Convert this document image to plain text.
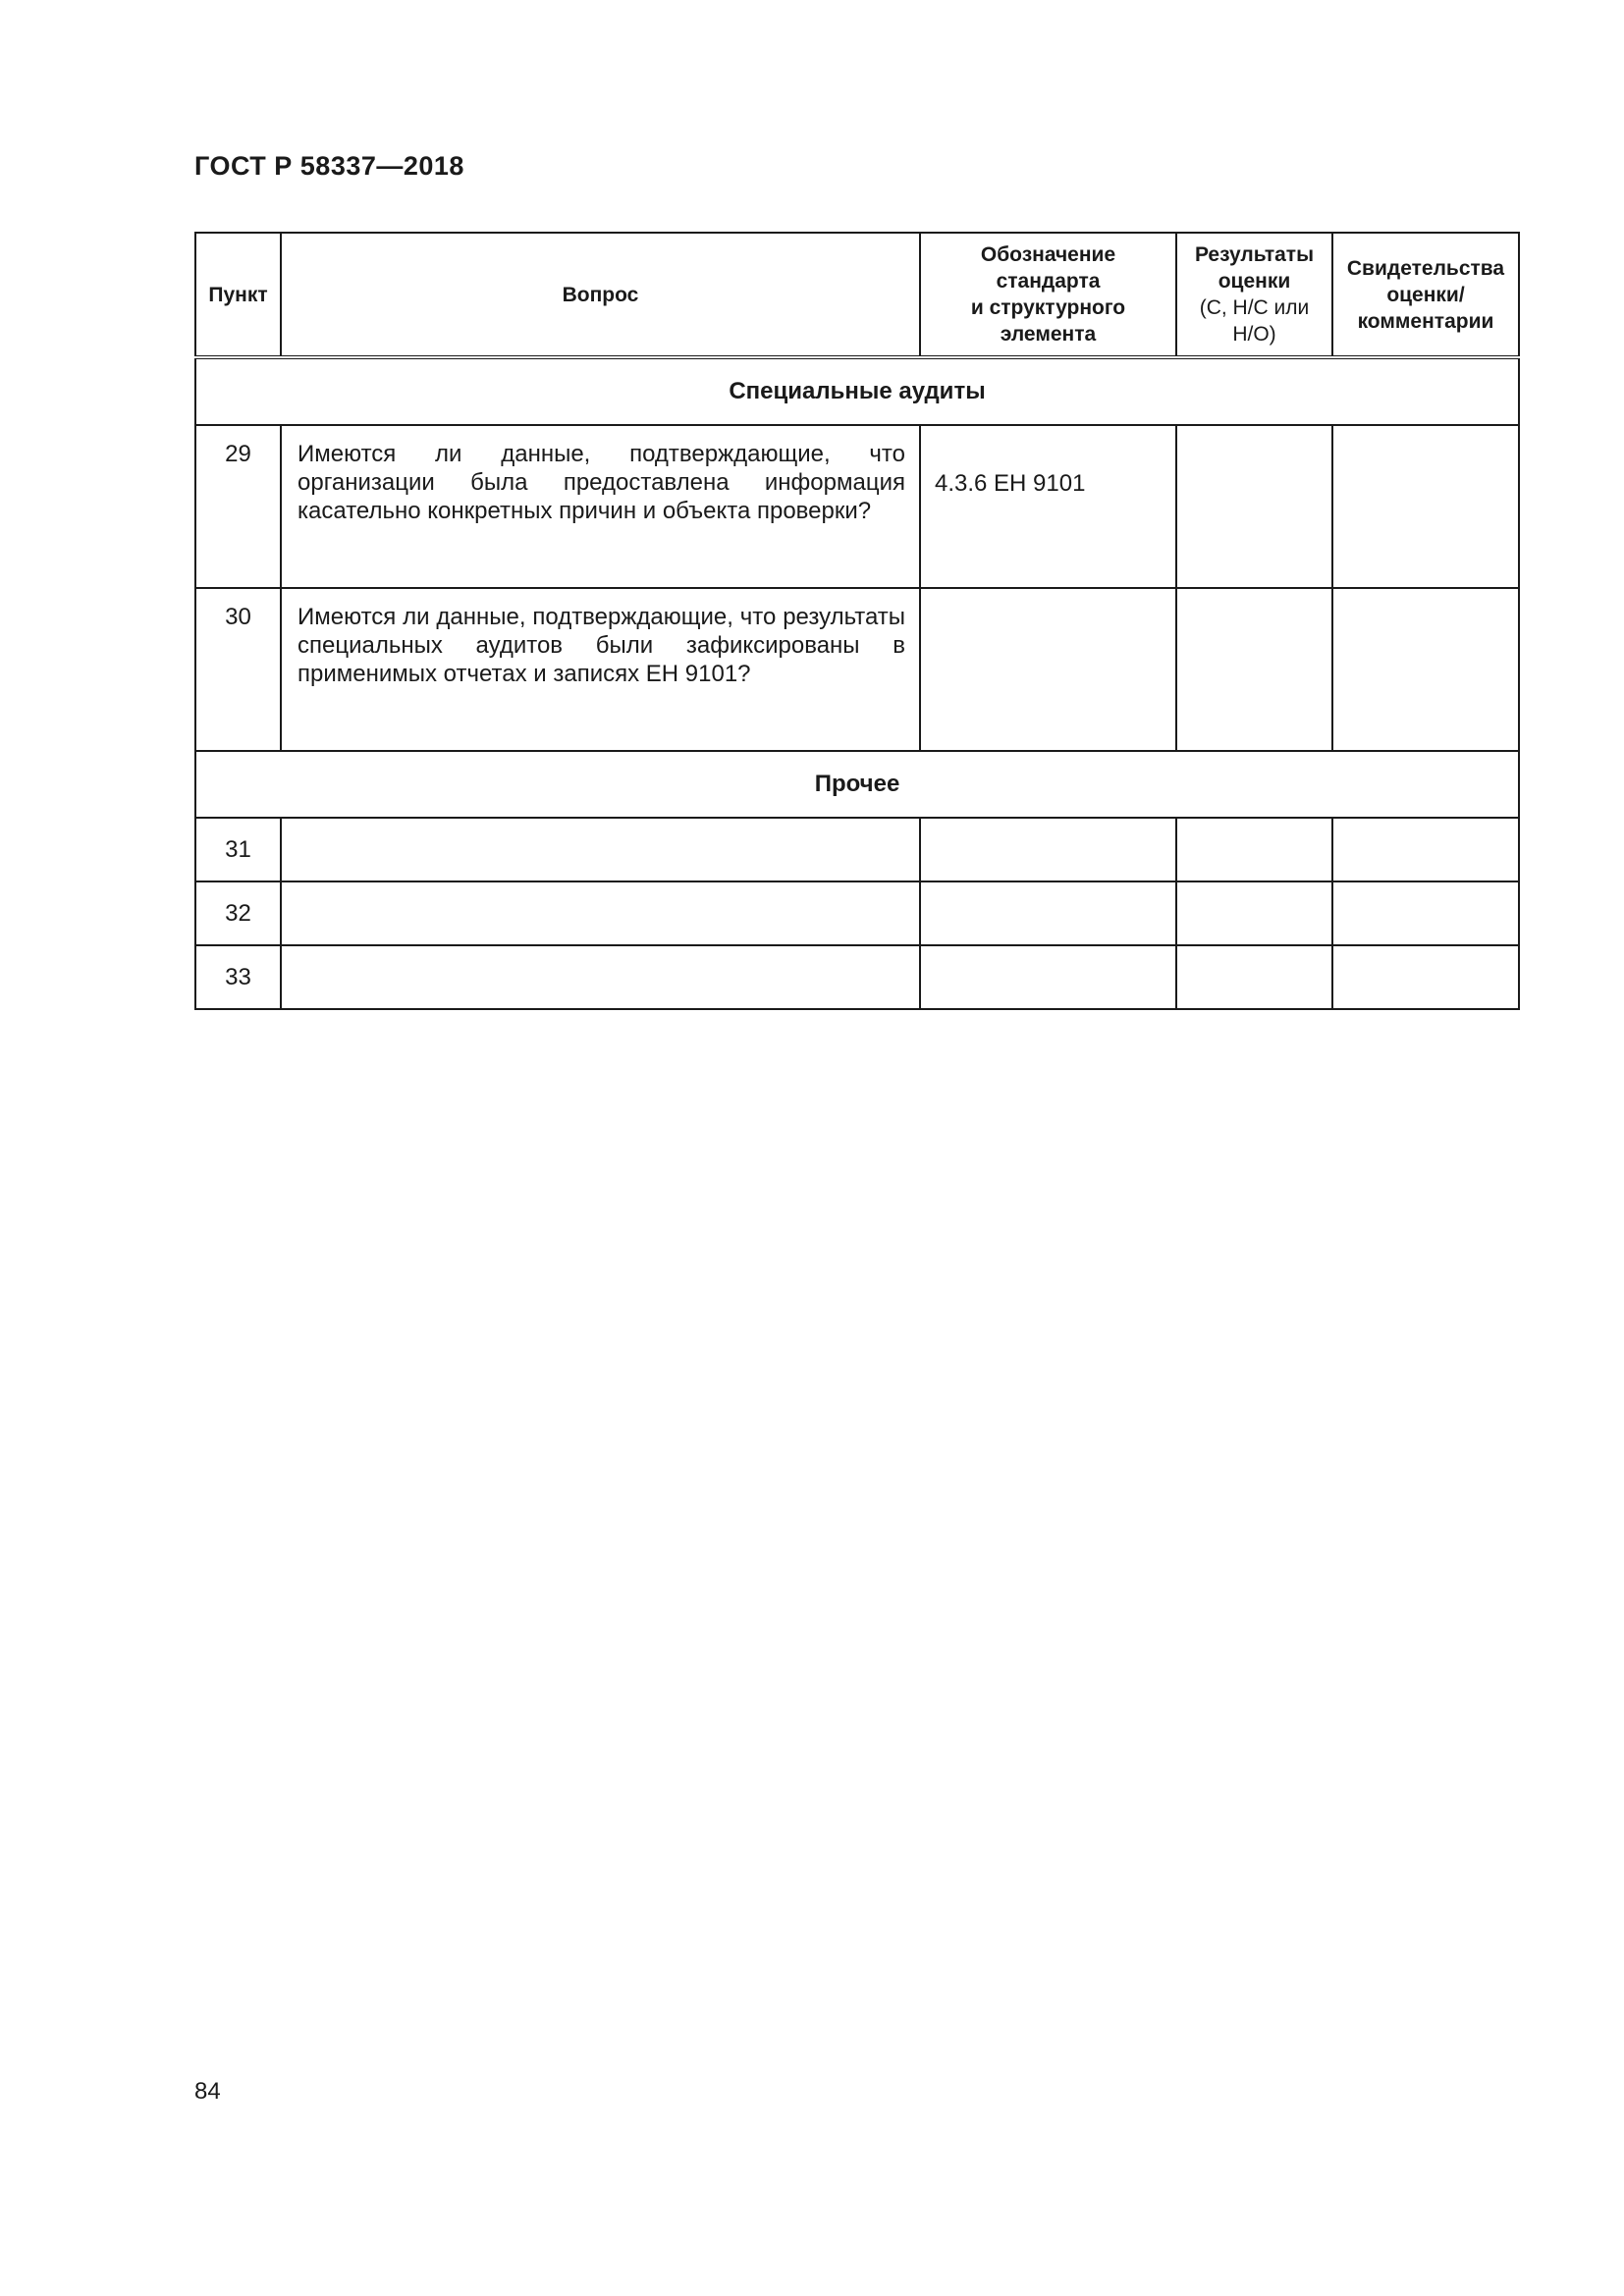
ГОСТ Р 58337—2018
Пункт	Вопрос	Обозначение
стандарта
и структурного
элемента	Результаты
оценки
(С, Н/С или
Н/О)	Свидетельства
оценки/
комментарии
Специальные аудиты				
29	Имеются ли данные, подтверждающие, что организации была предоставлена информация касательно конкретных причин и объекта проверки?	4.3.6 ЕН 9101		
30	Имеются ли данные, подтверждающие, что результаты специальных аудитов были зафиксированы в применимых отчетах и записях ЕН 9101?			
Прочее				
31				
32				
33				
84
